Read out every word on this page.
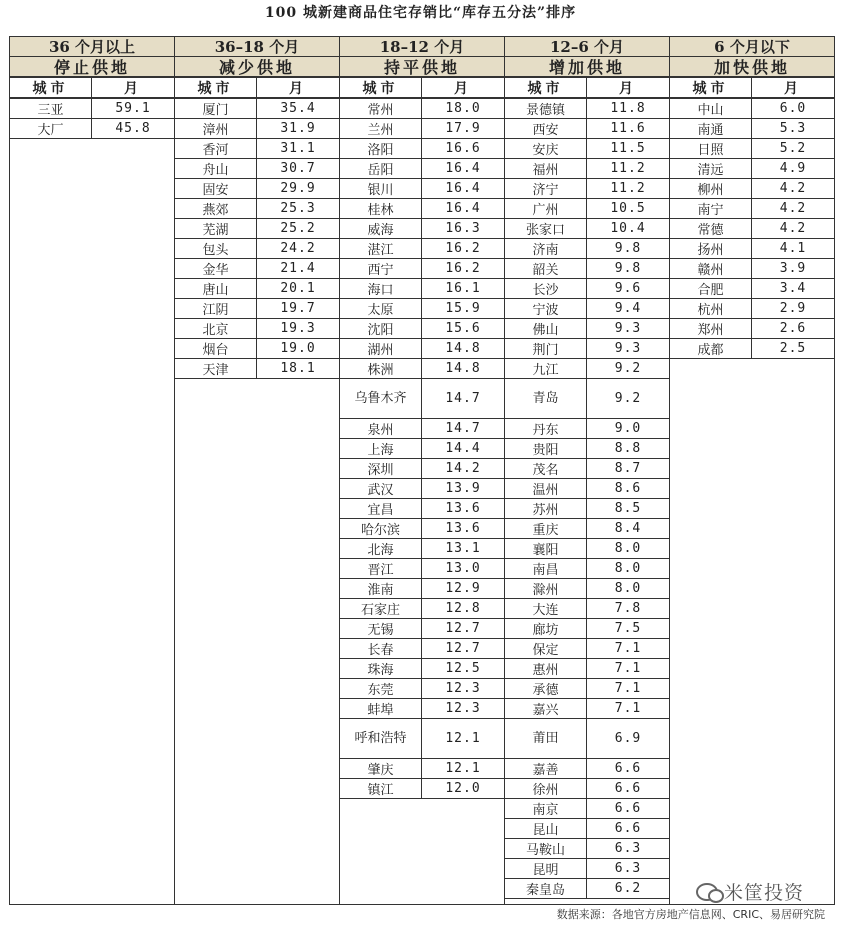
100 城新建商品住宅存销比“库存五分法”排序
36 个月以上
停止供地
城市	月
三亚	59.1
大厂	45.8
36–18 个月
减少供地
城市	月
厦门	35.4
漳州	31.9
香河	31.1
舟山	30.7
固安	29.9
燕郊	25.3
芜湖	25.2
包头	24.2
金华	21.4
唐山	20.1
江阴	19.7
北京	19.3
烟台	19.0
天津	18.1
18–12 个月
持平供地
城市	月
常州	18.0
兰州	17.9
洛阳	16.6
岳阳	16.4
银川	16.4
桂林	16.4
威海	16.3
湛江	16.2
西宁	16.2
海口	16.1
太原	15.9
沈阳	15.6
湖州	14.8
株洲	14.8
乌鲁木齐	14.7
泉州	14.7
上海	14.4
深圳	14.2
武汉	13.9
宜昌	13.6
哈尔滨	13.6
北海	13.1
晋江	13.0
淮南	12.9
石家庄	12.8
无锡	12.7
长春	12.7
珠海	12.5
东莞	12.3
蚌埠	12.3
呼和浩特	12.1
肇庆	12.1
镇江	12.0
12–6 个月
增加供地
城市	月
景德镇	11.8
西安	11.6
安庆	11.5
福州	11.2
济宁	11.2
广州	10.5
张家口	10.4
济南	9.8
韶关	9.8
长沙	9.6
宁波	9.4
佛山	9.3
荆门	9.3
九江	9.2
青岛	9.2
丹东	9.0
贵阳	8.8
茂名	8.7
温州	8.6
苏州	8.5
重庆	8.4
襄阳	8.0
南昌	8.0
滁州	8.0
大连	7.8
廊坊	7.5
保定	7.1
惠州	7.1
承德	7.1
嘉兴	7.1
莆田	6.9
嘉善	6.6
徐州	6.6
南京	6.6
昆山	6.6
马鞍山	6.3
昆明	6.3
秦皇岛	6.2
6 个月以下
加快供地
城市	月
中山	6.0
南通	5.3
日照	5.2
清远	4.9
柳州	4.2
南宁	4.2
常德	4.2
扬州	4.1
赣州	3.9
合肥	3.4
杭州	2.9
郑州	2.6
成都	2.5
米筐投资
数据来源：各地官方房地产信息网、CRIC、易居研究院
